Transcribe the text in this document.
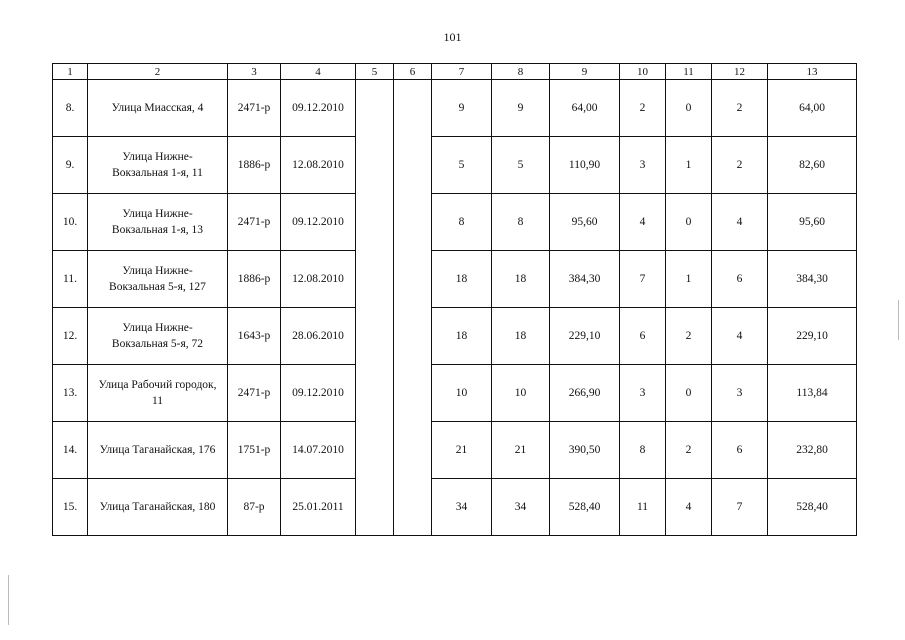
101
1	2	3	4	5	6	7	8	9	10	11	12	13
8.	Улица Миасская, 4	2471-р	09.12.2010			9	9	64,00	2	0	2	64,00
9.	Улица Нижне-
Вокзальная 1-я, 11	1886-р	12.08.2010			5	5	110,90	3	1	2	82,60
10.	Улица Нижне-
Вокзальная 1-я, 13	2471-р	09.12.2010			8	8	95,60	4	0	4	95,60
11.	Улица Нижне-
Вокзальная 5-я, 127	1886-р	12.08.2010			18	18	384,30	7	1	6	384,30
12.	Улица Нижне-
Вокзальная 5-я, 72	1643-р	28.06.2010			18	18	229,10	6	2	4	229,10
13.	Улица Рабочий городок,
11	2471-р	09.12.2010			10	10	266,90	3	0	3	113,84
14.	Улица Таганайская, 176	1751-р	14.07.2010			21	21	390,50	8	2	6	232,80
15.	Улица Таганайская, 180	87-р	25.01.2011			34	34	528,40	11	4	7	528,40
